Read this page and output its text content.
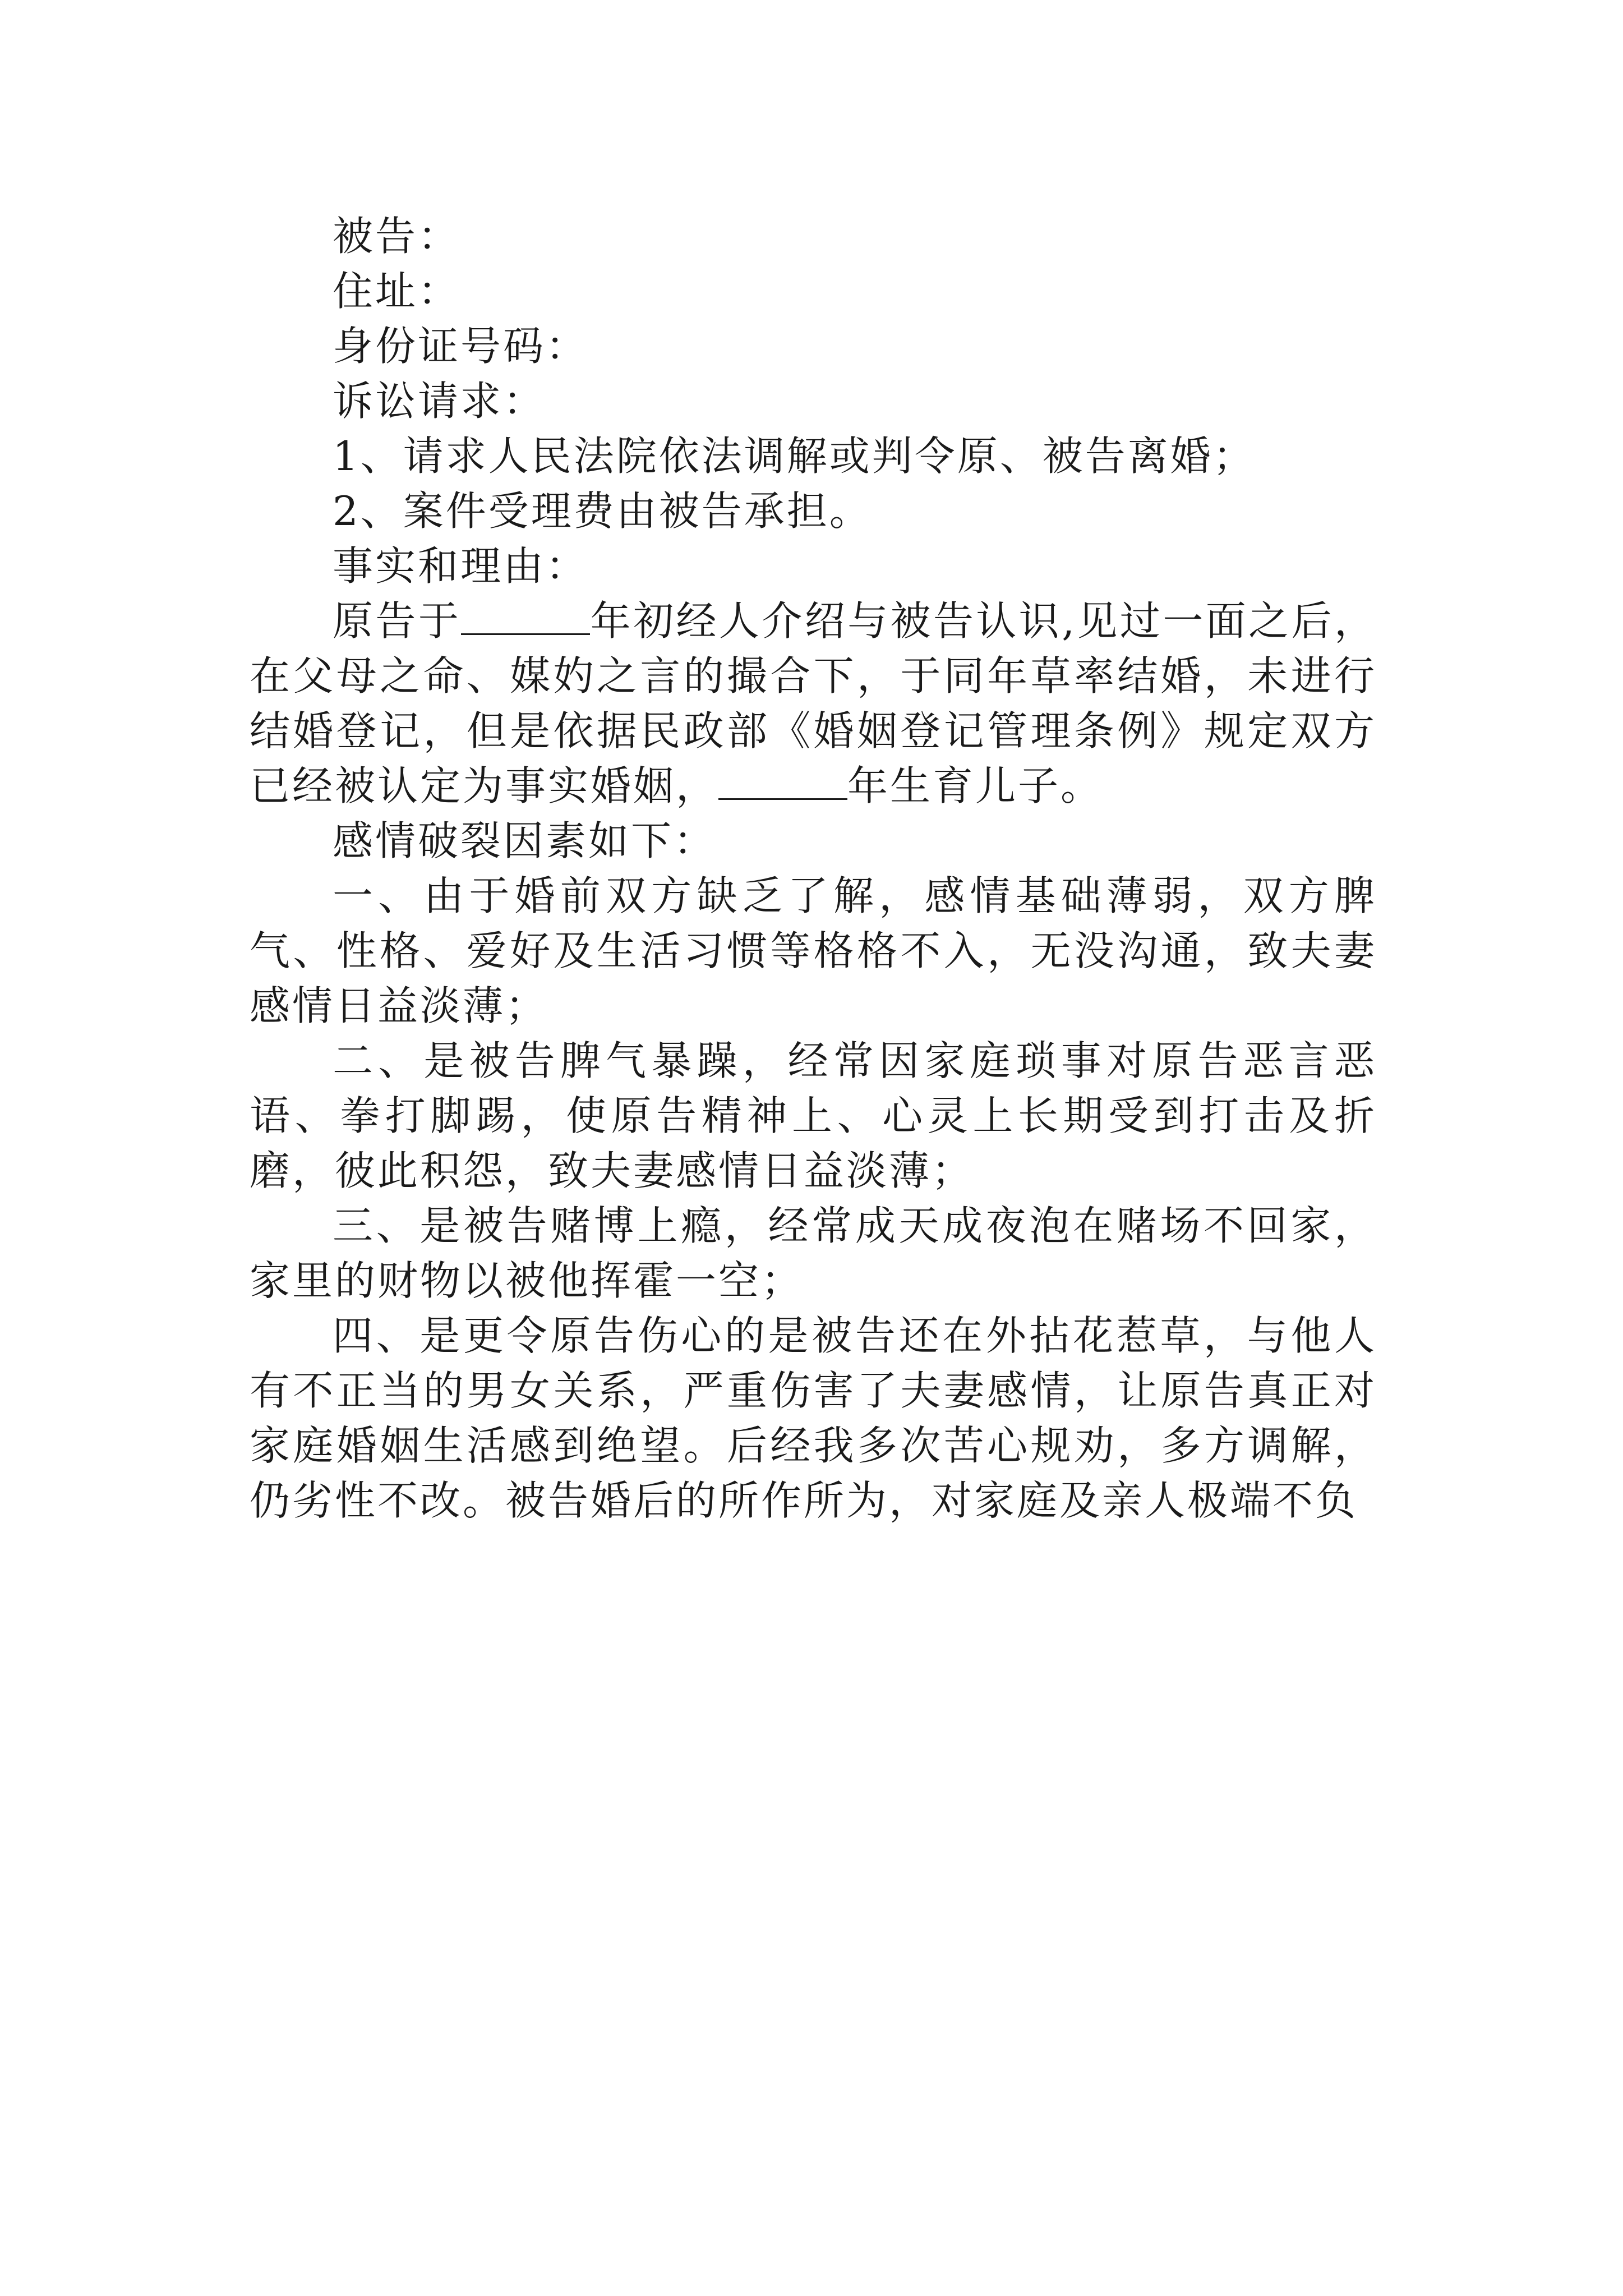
被告：

住址：

身份证号码：

诉讼请求：

1、请求人民法院依法调解或判令原、被告离婚；

2、案件受理费由被告承担。

事实和理由：

原告于	年初经人介绍与被告认识,见过一面之后，在父母之命、媒妁之言的撮合下，于同年草率结婚，未进行结婚登记，但是依据民政部《婚姻登记管理条例》规定双方已经被认定为事实婚姻，	年生育儿子。

感情破裂因素如下：

一、由于婚前双方缺乏了解，感情基础薄弱，双方脾气、性格、爱好及生活习惯等格格不入，无没沟通，致夫妻感情日益淡薄；

二、是被告脾气暴躁，经常因家庭琐事对原告恶言恶语、拳打脚踢，使原告精神上、心灵上长期受到打击及折磨，彼此积怨，致夫妻感情日益淡薄；

三、是被告赌博上瘾，经常成天成夜泡在赌场不回家，家里的财物以被他挥霍一空；

四、是更令原告伤心的是被告还在外拈花惹草，与他人有不正当的男女关系，严重伤害了夫妻感情，让原告真正对家庭婚姻生活感到绝望。后经我多次苦心规劝，多方调解，仍劣性不改。被告婚后的所作所为，对家庭及亲人极端不负
